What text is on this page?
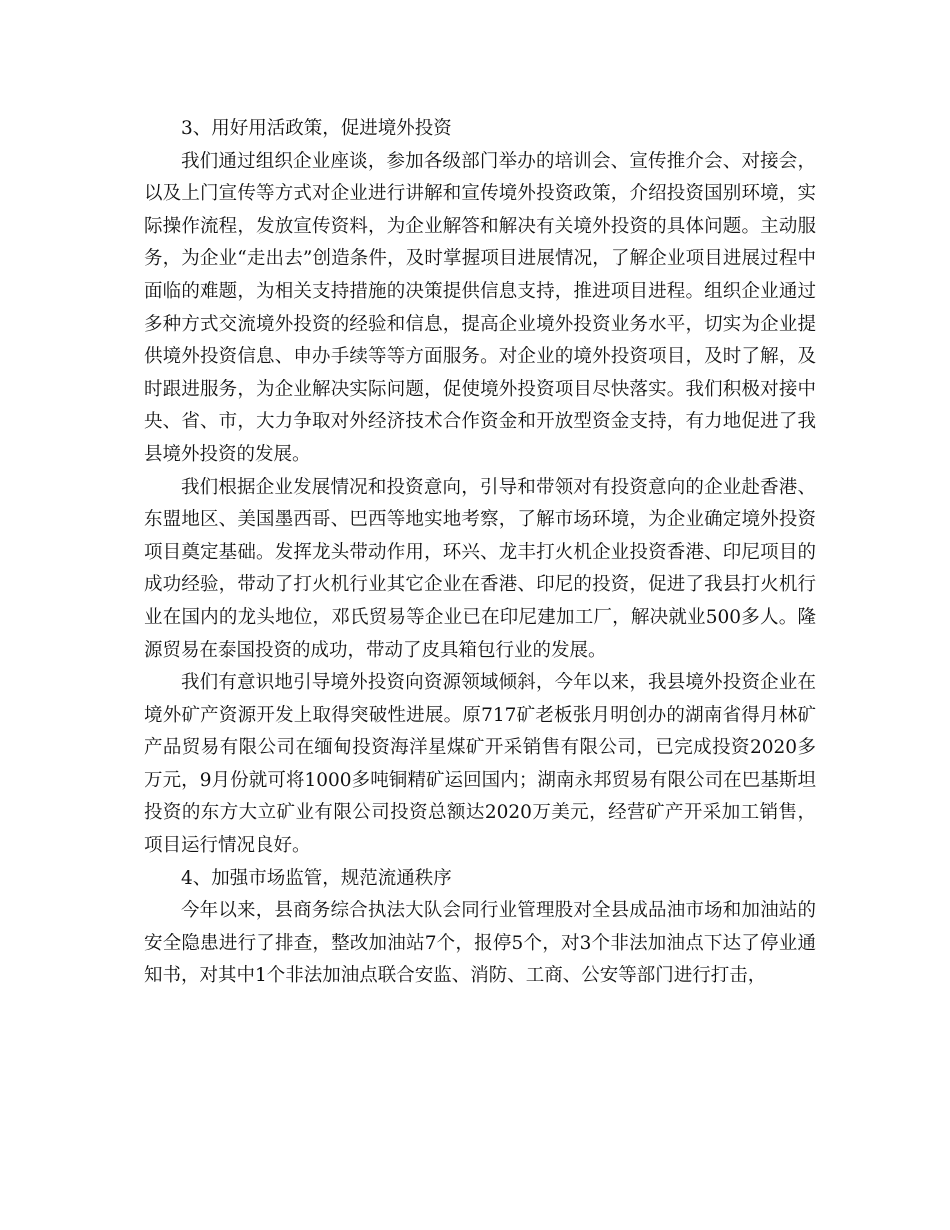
3、用好用活政策，促进境外投资

我们通过组织企业座谈，参加各级部门举办的培训会、宣传推介会、对接会，以及上门宣传等方式对企业进行讲解和宣传境外投资政策，介绍投资国别环境，实际操作流程，发放宣传资料，为企业解答和解决有关境外投资的具体问题。主动服务，为企业“走出去”创造条件，及时掌握项目进展情况，了解企业项目进展过程中面临的难题，为相关支持措施的决策提供信息支持，推进项目进程。组织企业通过多种方式交流境外投资的经验和信息，提高企业境外投资业务水平，切实为企业提供境外投资信息、申办手续等等方面服务。对企业的境外投资项目，及时了解，及时跟进服务，为企业解决实际问题，促使境外投资项目尽快落实。我们积极对接中央、省、市，大力争取对外经济技术合作资金和开放型资金支持，有力地促进了我县境外投资的发展。

我们根据企业发展情况和投资意向，引导和带领对有投资意向的企业赴香港、东盟地区、美国墨西哥、巴西等地实地考察，了解市场环境，为企业确定境外投资项目奠定基础。发挥龙头带动作用，环兴、龙丰打火机企业投资香港、印尼项目的成功经验，带动了打火机行业其它企业在香港、印尼的投资，促进了我县打火机行业在国内的龙头地位，邓氏贸易等企业已在印尼建加工厂，解决就业500多人。隆源贸易在泰国投资的成功，带动了皮具箱包行业的发展。

我们有意识地引导境外投资向资源领域倾斜，今年以来，我县境外投资企业在境外矿产资源开发上取得突破性进展。原717矿老板张月明创办的湖南省得月林矿产品贸易有限公司在缅甸投资海洋星煤矿开采销售有限公司，已完成投资2020多万元，9月份就可将1000多吨铜精矿运回国内；湖南永邦贸易有限公司在巴基斯坦投资的东方大立矿业有限公司投资总额达2020万美元，经营矿产开采加工销售，项目运行情况良好。

4、加强市场监管，规范流通秩序

今年以来，县商务综合执法大队会同行业管理股对全县成品油市场和加油站的安全隐患进行了排查，整改加油站7个，报停5个，对3个非法加油点下达了停业通知书，对其中1个非法加油点联合安监、消防、工商、公安等部门进行打击，
